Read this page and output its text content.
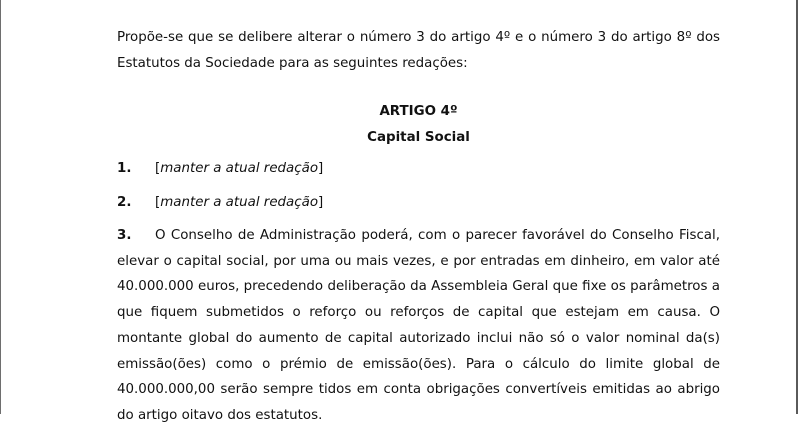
Propõe-se que se delibere alterar o número 3 do artigo 4º e o número 3 do artigo 8º dos Estatutos da Sociedade para as seguintes redações:

ARTIGO 4º

Capital Social

1.	[manter a atual redação]
2.	[manter a atual redação]

3. O Conselho de Administração poderá, com o parecer favorável do Conselho Fiscal, elevar o capital social, por uma ou mais vezes, e por entradas em dinheiro, em valor até 40.000.000 euros, precedendo deliberação da Assembleia Geral que fixe os parâmetros a que fiquem submetidos o reforço ou reforços de capital que estejam em causa. O montante global do aumento de capital autorizado inclui não só o valor nominal da(s) emissão(ões) como o prémio de emissão(ões). Para o cálculo do limite global de 40.000.000,00 serão sempre tidos em conta obrigações convertíveis emitidas ao abrigo do artigo oitavo dos estatutos.
